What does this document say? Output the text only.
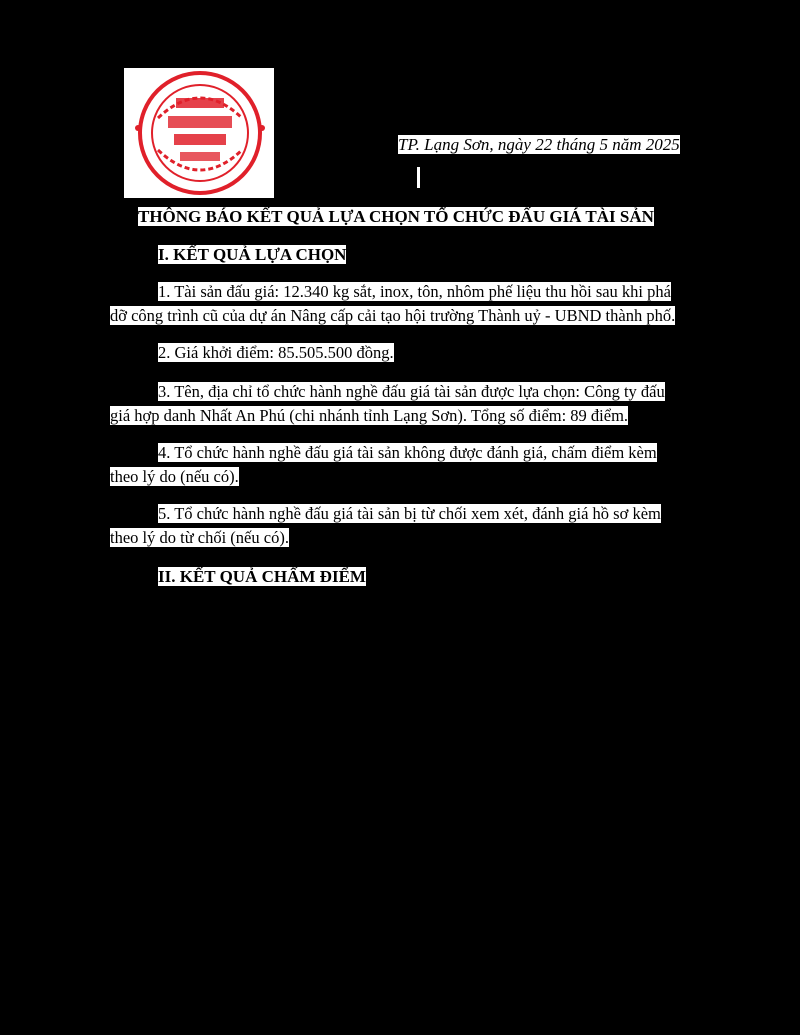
TP. Lạng Sơn, ngày 22 tháng 5 năm 2025
THÔNG BÁO KẾT QUẢ LỰA CHỌN TỔ CHỨC ĐẤU GIÁ TÀI SẢN
I. KẾT QUẢ LỰA CHỌN
1. Tài sản đấu giá: 12.340 kg sắt, inox, tôn, nhôm phế liệu thu hồi sau khi phá
dỡ công trình cũ của dự án Nâng cấp cải tạo hội trường Thành uỷ - UBND thành phố.
2. Giá khởi điểm: 85.505.500 đồng.
3. Tên, địa chỉ tổ chức hành nghề đấu giá tài sản được lựa chọn: Công ty đấu
giá hợp danh Nhất An Phú (chi nhánh tỉnh Lạng Sơn). Tổng số điểm: 89 điểm.
4. Tổ chức hành nghề đấu giá tài sản không được đánh giá, chấm điểm kèm
theo lý do (nếu có).
5. Tổ chức hành nghề đấu giá tài sản bị từ chối xem xét, đánh giá hồ sơ kèm
theo lý do từ chối (nếu có).
II. KẾT QUẢ CHẤM ĐIỂM
